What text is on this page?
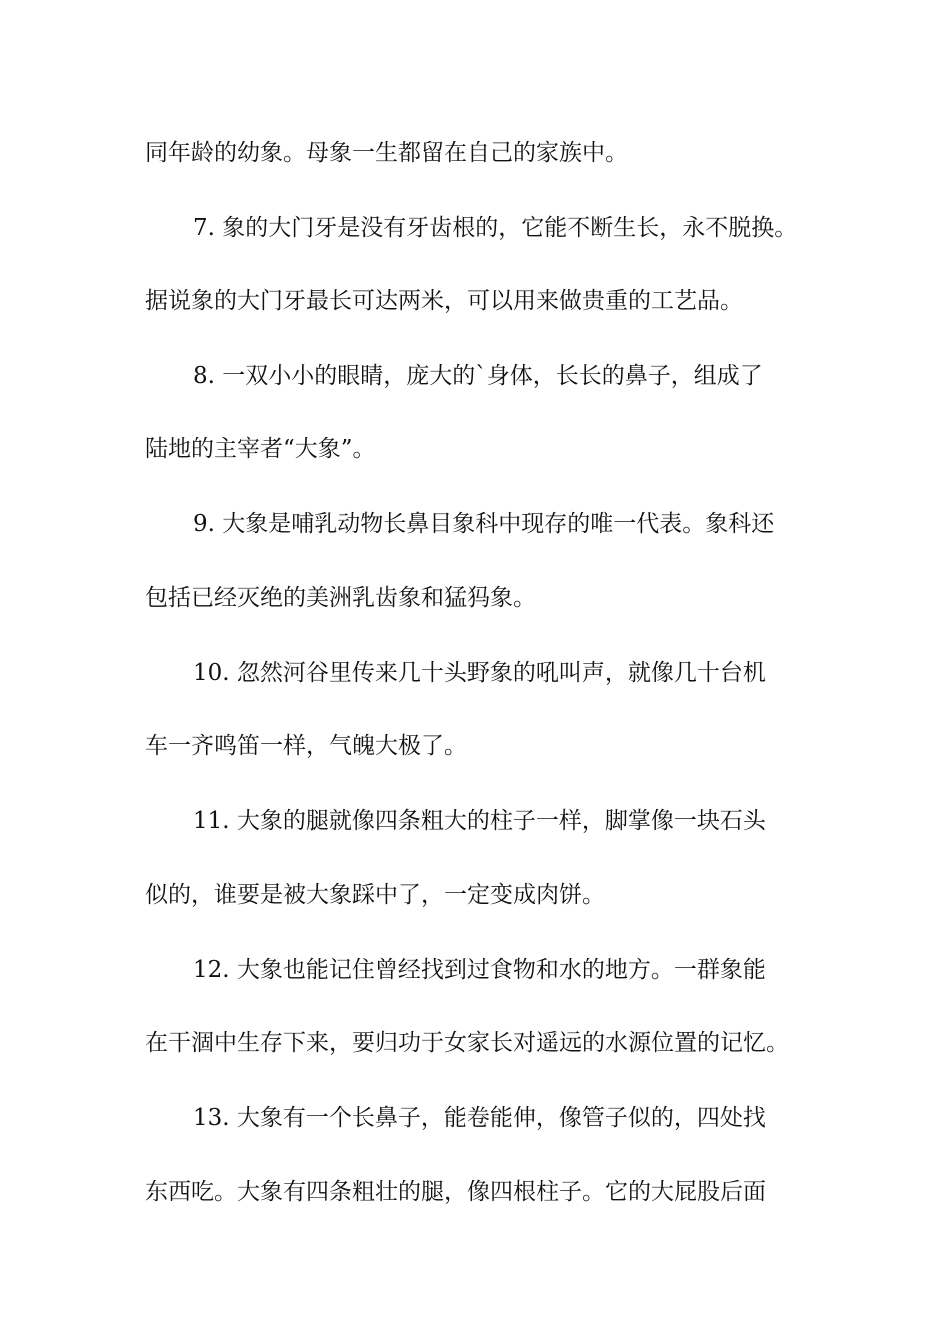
同年龄的幼象。母象一生都留在自己的家族中。
7. 象的大门牙是没有牙齿根的，它能不断生长，永不脱换。
据说象的大门牙最长可达两米，可以用来做贵重的工艺品。
8. 一双小小的眼睛，庞大的`身体，长长的鼻子，组成了
陆地的主宰者“大象”。
9. 大象是哺乳动物长鼻目象科中现存的唯一代表。象科还
包括已经灭绝的美洲乳齿象和猛犸象。
10. 忽然河谷里传来几十头野象的吼叫声，就像几十台机
车一齐鸣笛一样，气魄大极了。
11. 大象的腿就像四条粗大的柱子一样，脚掌像一块石头
似的，谁要是被大象踩中了，一定变成肉饼。
12. 大象也能记住曾经找到过食物和水的地方。一群象能
在干涸中生存下来，要归功于女家长对遥远的水源位置的记忆。
13. 大象有一个长鼻子，能卷能伸，像管子似的，四处找
东西吃。大象有四条粗壮的腿，像四根柱子。它的大屁股后面
